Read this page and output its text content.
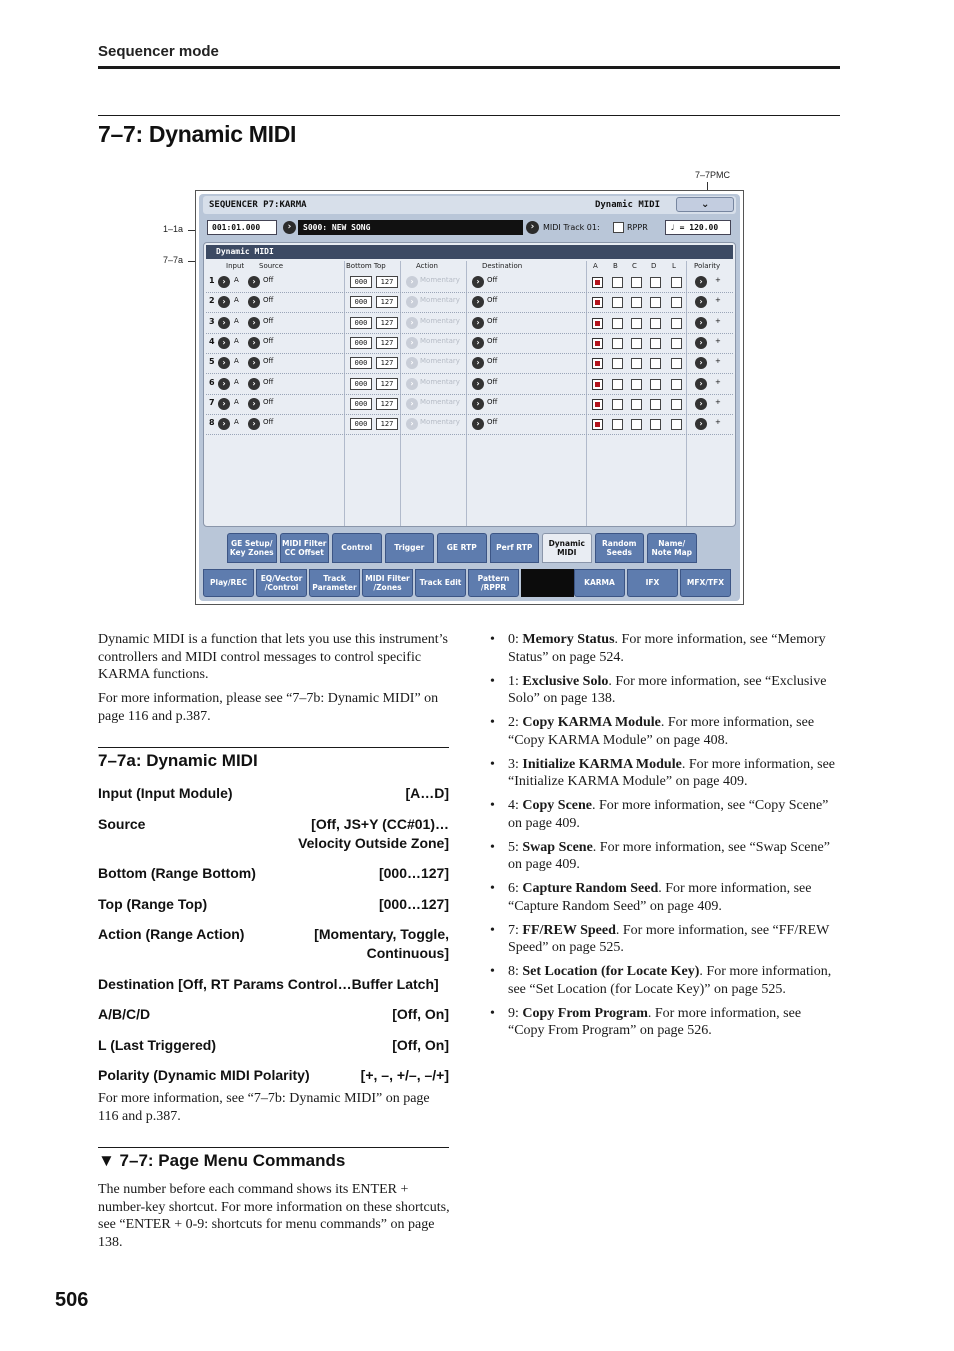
Sequencer mode
7–7: Dynamic MIDI
7–7PMC
1–1a
7–7a
SEQUENCER P7:KARMA	Dynamic MIDI	⌄
001:01.000	›	S000: NEW SONG	›	MIDI Track 01:	RPPR	♩ = 120.00
Dynamic MIDI
Input Source	Bottom Top	Action	Destination	A B C D L	Polarity
1 ›	A	›	Off	000	127	› Momentary	›	Off	›	+
2 ›	A	›	Off	000	127	› Momentary	›	Off	›	+
3 ›	A	›	Off	000	127	› Momentary	›	Off	›	+
4 ›	A	›	Off	000	127	› Momentary	›	Off	›	+
5 ›	A	›	Off	000	127	› Momentary	›	Off	›	+
6 ›	A	›	Off	000	127	› Momentary	›	Off	›	+
7 ›	A	›	Off	000	127	› Momentary	›	Off	›	+
8 ›	A	›	Off	000	127	› Momentary	›	Off	›	+
GE Setup/
Key Zones
MIDI Filter
CC Offset
Control	Trigger	GE RTP	Perf RTP
Dynamic
MIDI
Random
Seeds
Name/
Note Map
Play/REC
EQ/Vector
/Control
Track
Parameter
MIDI Filter
/Zones
Track Edit
Pattern
/RPPR
KARMA	IFX	MFX/TFX
Dynamic MIDI is a function that lets you use this instrument’s controllers and MIDI control messages to control specific KARMA functions.
For more information, please see “7–7b: Dynamic MIDI” on page 116 and p.387.
7–7a: Dynamic MIDI
Input (Input Module)	[A…D]
Source	[Off, JS+Y (CC#01)…
Velocity Outside Zone]
Bottom (Range Bottom)	[000…127]
Top (Range Top)	[000…127]
Action (Range Action)	[Momentary, Toggle,
Continuous]
Destination [Off, RT Params Control…Buffer Latch]
A/B/C/D	[Off, On]
L (Last Triggered)	[Off, On]
Polarity (Dynamic MIDI Polarity)	[+, –, +/–, –/+]
For more information, see “7–7b: Dynamic MIDI” on page 116 and p.387.
▼ 7–7: Page Menu Commands
The number before each command shows its ENTER + number-key shortcut. For more information on these shortcuts, see “ENTER + 0-9: shortcuts for menu commands” on page 138.
• 0: Memory Status. For more information, see “Memory Status” on page 524.
• 1: Exclusive Solo. For more information, see “Exclusive Solo” on page 138.
• 2: Copy KARMA Module. For more information, see “Copy KARMA Module” on page 408.
• 3: Initialize KARMA Module. For more information, see “Initialize KARMA Module” on page 409.
• 4: Copy Scene. For more information, see “Copy Scene” on page 409.
• 5: Swap Scene. For more information, see “Swap Scene” on page 409.
• 6: Capture Random Seed. For more information, see “Capture Random Seed” on page 409.
• 7: FF/REW Speed. For more information, see “FF/REW Speed” on page 525.
• 8: Set Location (for Locate Key). For more information, see “Set Location (for Locate Key)” on page 525.
• 9: Copy From Program. For more information, see “Copy From Program” on page 526.
506
